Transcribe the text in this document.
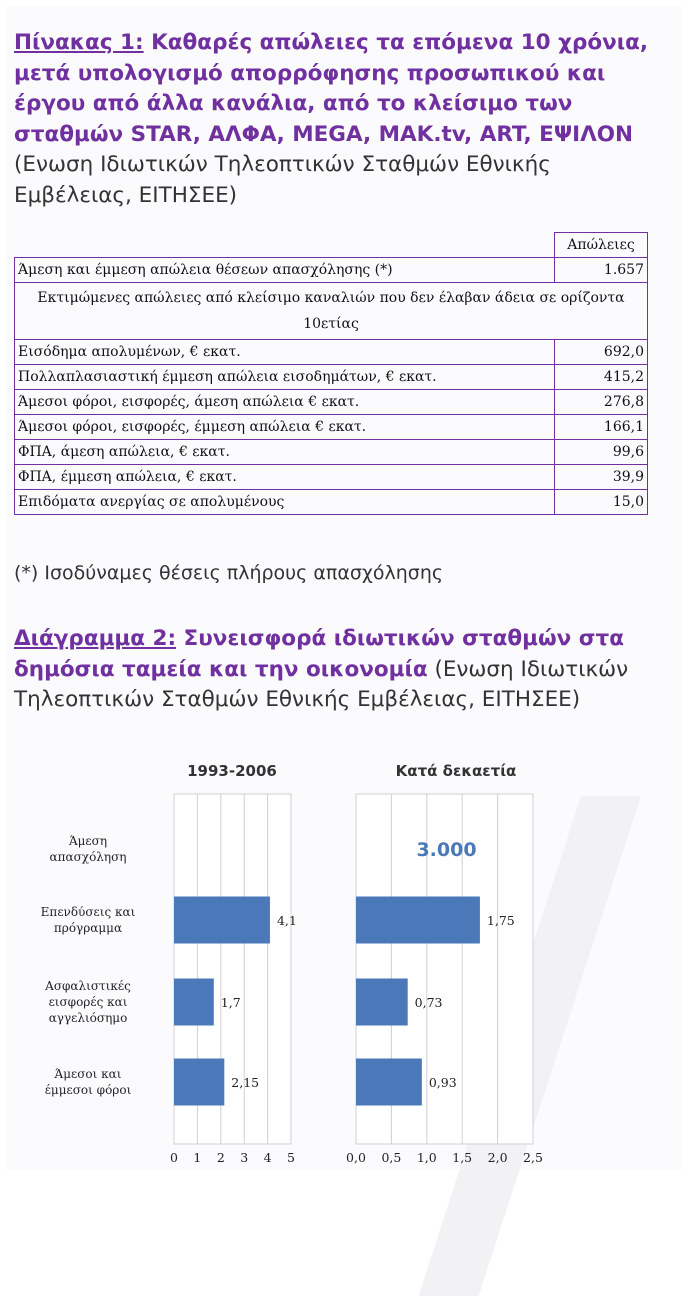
Πίνακας 1: Καθαρές απώλειες τα επόμενα 10 χρόνια, μετά υπολογισμό απορρόφησης προσωπικού και έργου από άλλα κανάλια, από το κλείσιμο των σταθμών STAR, ΑΛΦΑ, MEGA, MAK.tv, ART, ΕΨΙΛΟΝ (Ενωση Ιδιωτικών Τηλεοπτικών Σταθμών Εθνικής Εμβέλειας, ΕΙΤΗΣΕΕ)

	Απώλειες
Άμεση και έμμεση απώλεια θέσεων απασχόλησης (*)	1.657
Εκτιμώμενες απώλειες από κλείσιμο καναλιών που δεν έλαβαν άδεια σε ορίζοντα 10ετίας	
Εισόδημα απολυμένων, € εκατ.	692,0
Πολλαπλασιαστική έμμεση απώλεια εισοδημάτων, € εκατ.	415,2
Άμεσοι φόροι, εισφορές, άμεση απώλεια € εκατ.	276,8
Άμεσοι φόροι, εισφορές, έμμεση απώλεια € εκατ.	166,1
ΦΠΑ, άμεση απώλεια, € εκατ.	99,6
ΦΠΑ, έμμεση απώλεια, € εκατ.	39,9
Επιδόματα ανεργίας σε απολυμένους	15,0

(*) Ισοδύναμες θέσεις πλήρους απασχόλησης

Διάγραμμα 2: Συνεισφορά ιδιωτικών σταθμών στα δημόσια ταμεία και την οικονομία (Ενωση Ιδιωτικών Τηλεοπτικών Σταθμών Εθνικής Εμβέλειας, ΕΙΤΗΣΕΕ)

1993-2006
0 1 2 3 4 5
4,1
1,7
2,15
Άμεση απασχόληση
Επενδύσεις και πρόγραμμα
Ασφαλιστικές εισφορές και αγγελιόσημο
Άμεσοι και έμμεσοι φόροι
Κατά δεκαετία
0,0 0,5 1,0 1,5 2,0 2,5
1,75
0,73
0,93
3.000
